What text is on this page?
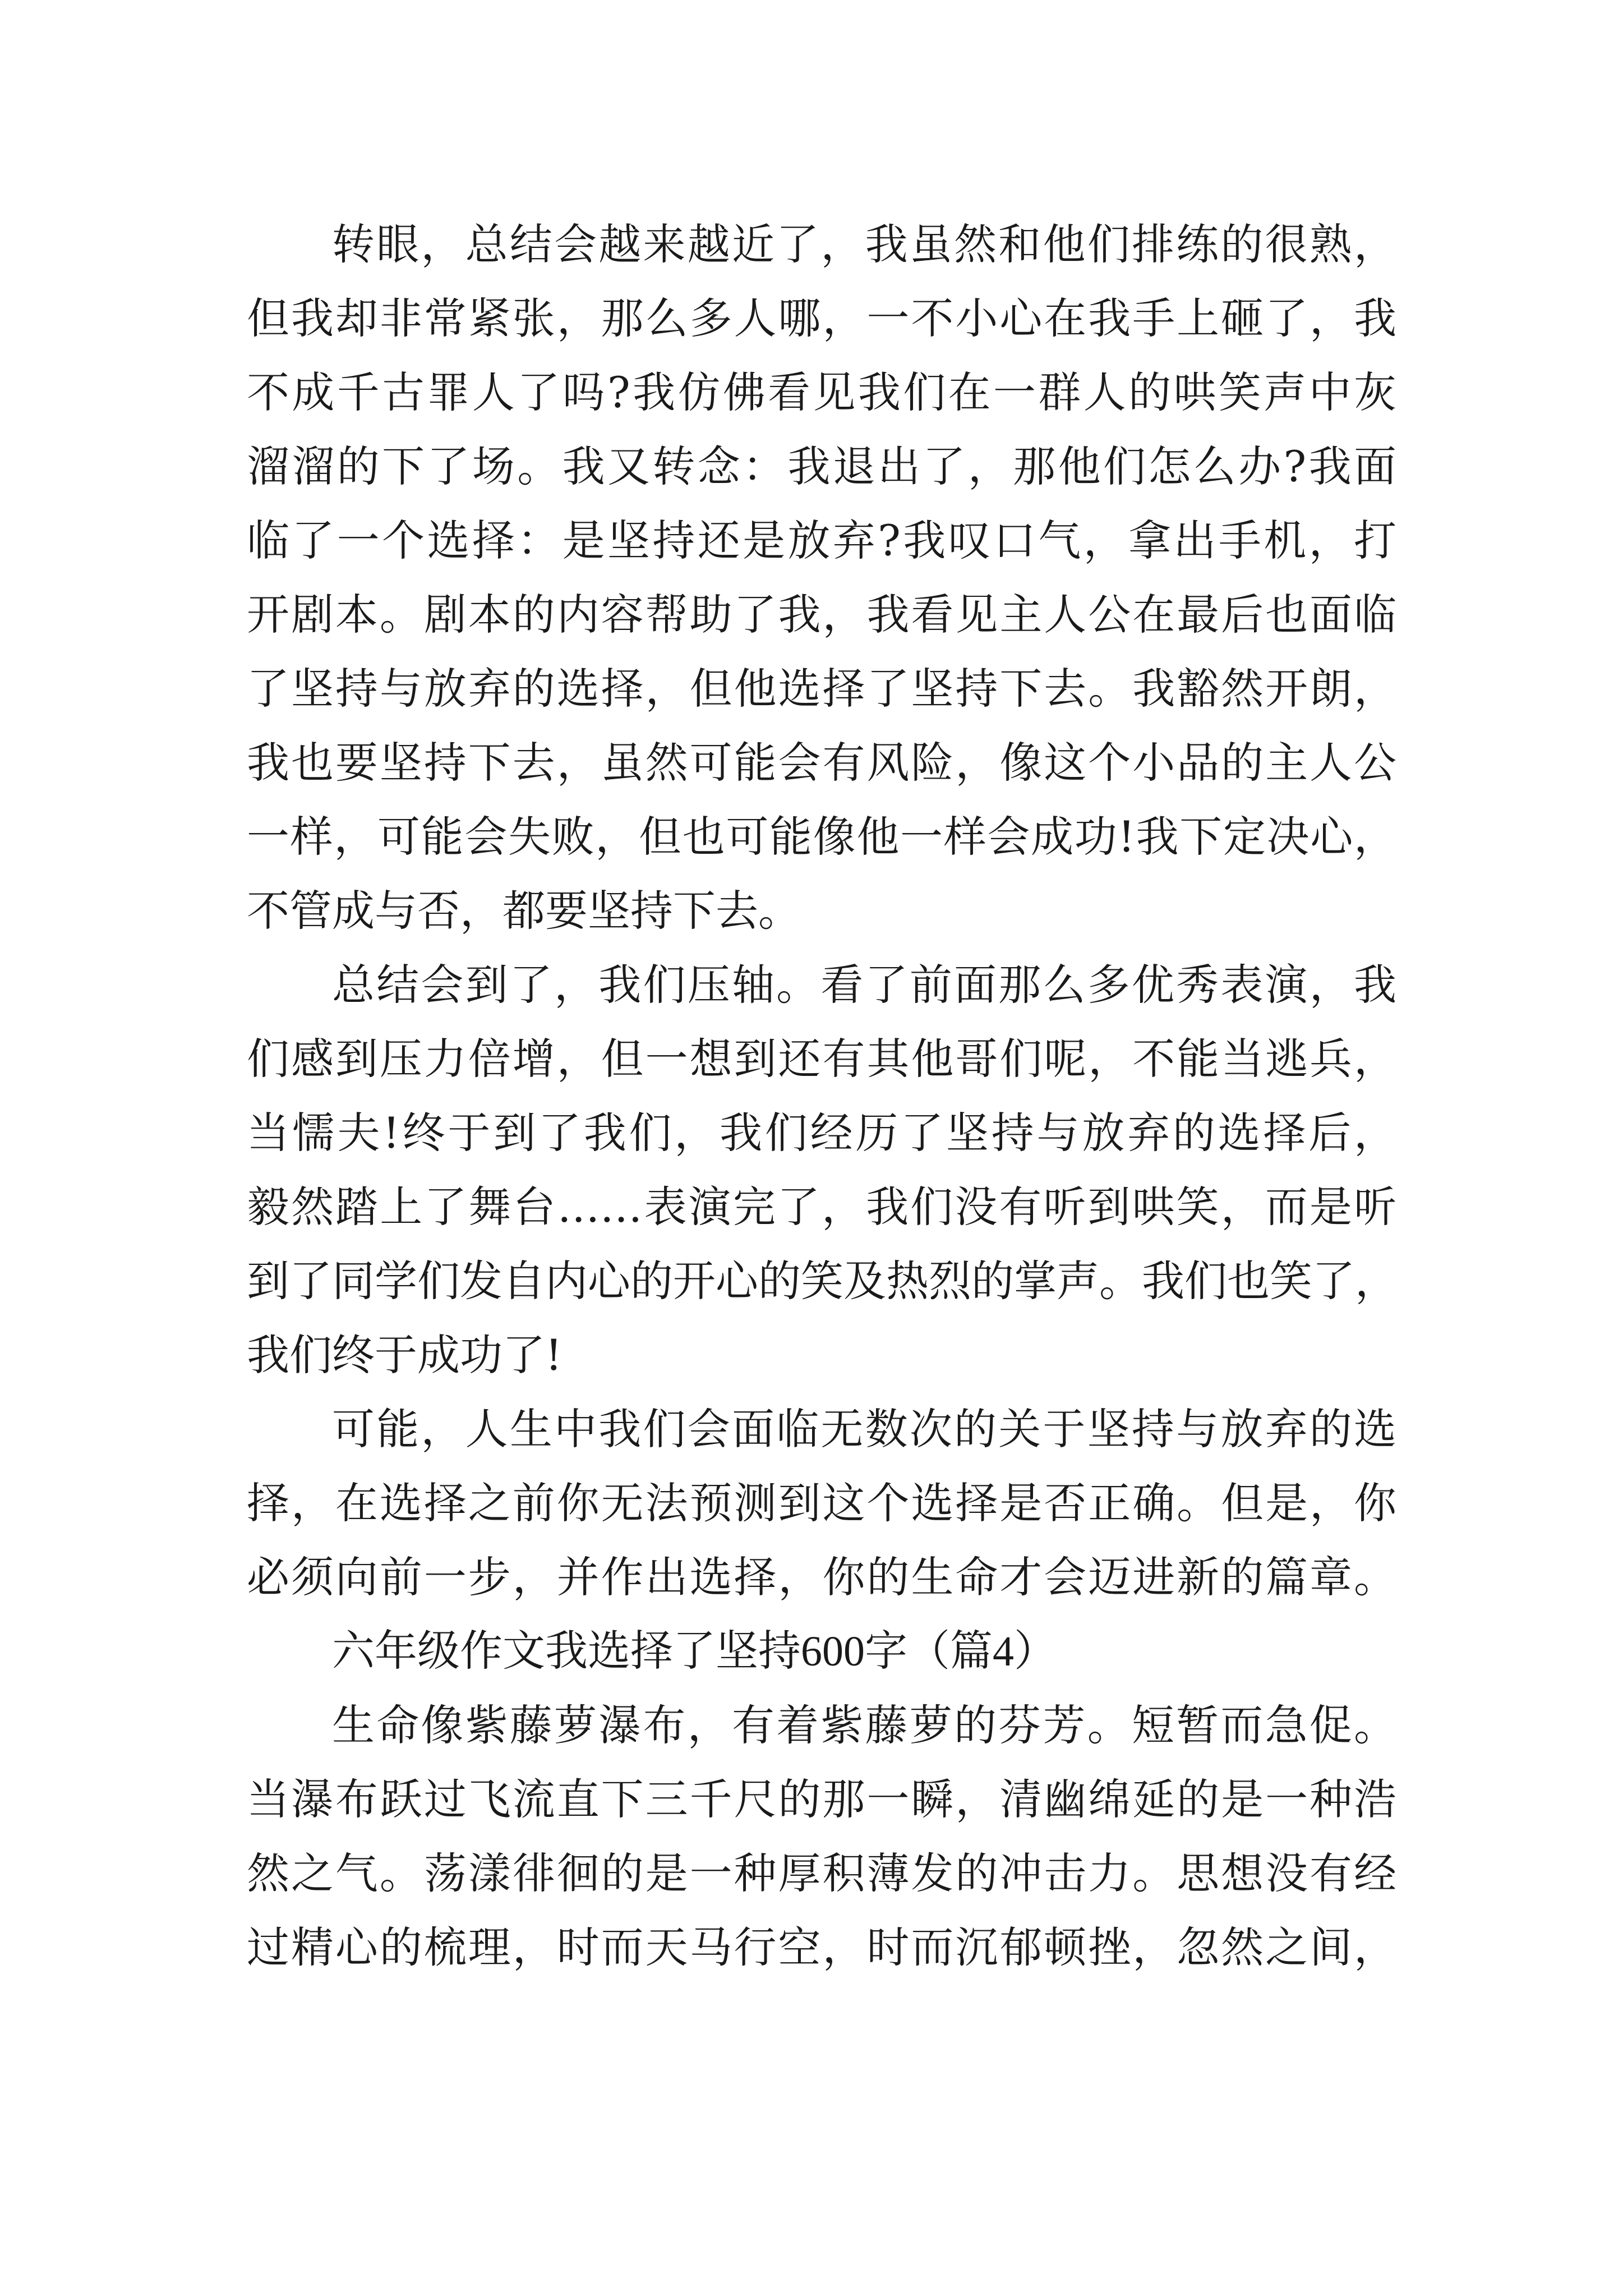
转眼，总结会越来越近了，我虽然和他们排练的很熟，
但我却非常紧张，那么多人哪，一不小心在我手上砸了，我
不成千古罪人了吗?我仿佛看见我们在一群人的哄笑声中灰
溜溜的下了场。我又转念：我退出了，那他们怎么办?我面
临了一个选择：是坚持还是放弃?我叹口气，拿出手机，打
开剧本。剧本的内容帮助了我，我看见主人公在最后也面临
了坚持与放弃的选择，但他选择了坚持下去。我豁然开朗，
我也要坚持下去，虽然可能会有风险，像这个小品的主人公
一样，可能会失败，但也可能像他一样会成功!我下定决心，
不管成与否，都要坚持下去。
总结会到了，我们压轴。看了前面那么多优秀表演，我
们感到压力倍增，但一想到还有其他哥们呢，不能当逃兵，
当懦夫!终于到了我们，我们经历了坚持与放弃的选择后，
毅然踏上了舞台……表演完了，我们没有听到哄笑，而是听
到了同学们发自内心的开心的笑及热烈的掌声。我们也笑了，
我们终于成功了!
可能，人生中我们会面临无数次的关于坚持与放弃的选
择，在选择之前你无法预测到这个选择是否正确。但是，你
必须向前一步，并作出选择，你的生命才会迈进新的篇章。
六年级作文我选择了坚持600字（篇4）
生命像紫藤萝瀑布，有着紫藤萝的芬芳。短暂而急促。
当瀑布跃过飞流直下三千尺的那一瞬，清幽绵延的是一种浩
然之气。荡漾徘徊的是一种厚积薄发的冲击力。思想没有经
过精心的梳理，时而天马行空，时而沉郁顿挫，忽然之间，
